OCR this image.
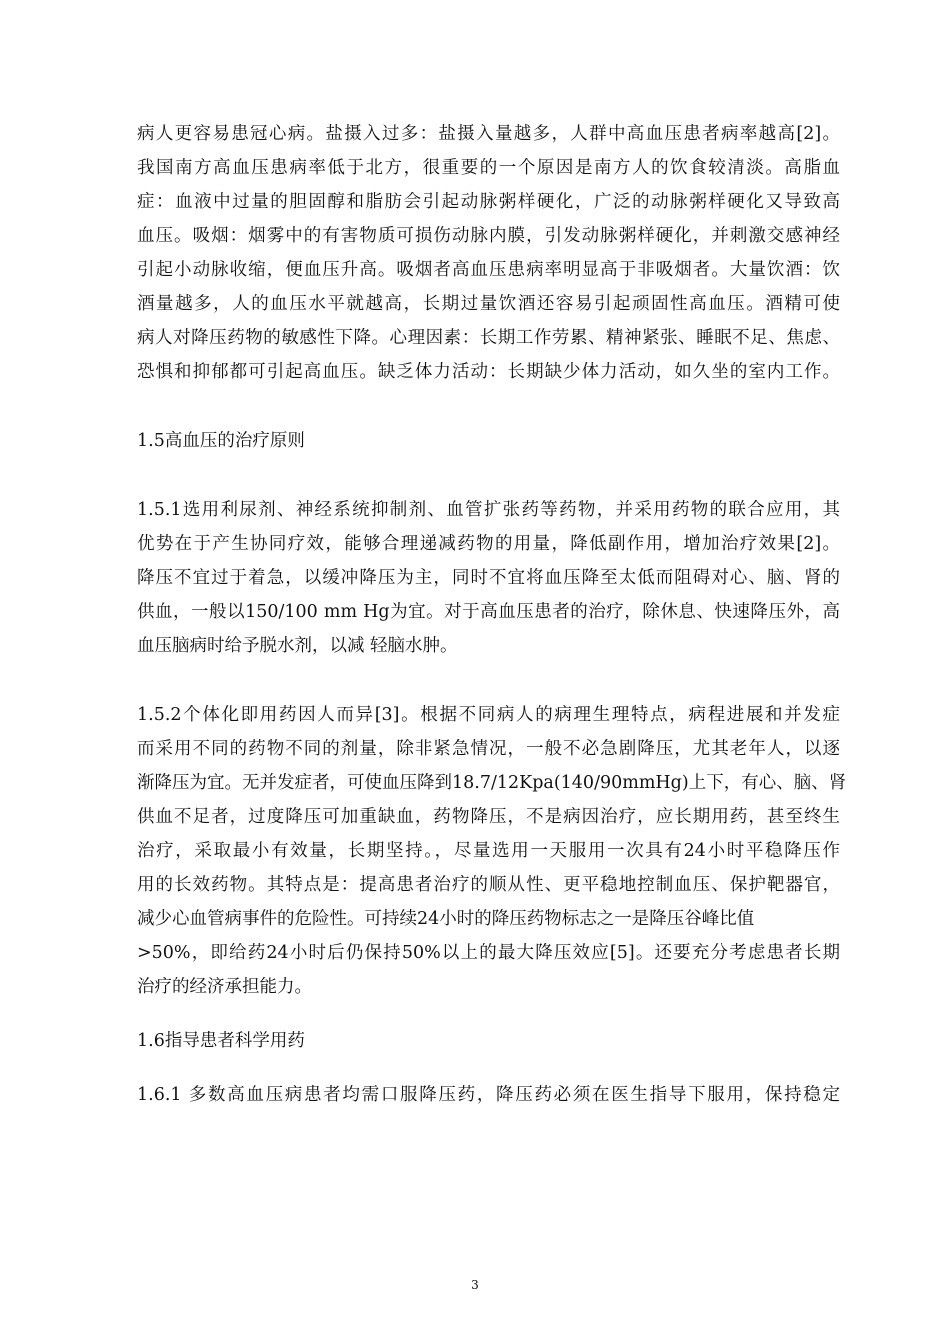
病人更容易患冠心病。盐摄入过多：盐摄入量越多，人群中高血压患者病率越高[2]。
我国南方高血压患病率低于北方，很重要的一个原因是南方人的饮食较清淡。高脂血
症：血液中过量的胆固醇和脂肪会引起动脉粥样硬化，广泛的动脉粥样硬化又导致高
血压。吸烟：烟雾中的有害物质可损伤动脉内膜，引发动脉粥样硬化，并刺激交感神经
引起小动脉收缩，便血压升高。吸烟者高血压患病率明显高于非吸烟者。大量饮酒：饮
酒量越多，人的血压水平就越高，长期过量饮酒还容易引起顽固性高血压。酒精可使
病人对降压药物的敏感性下降。心理因素：长期工作劳累、精神紧张、睡眠不足、焦虑、
恐惧和抑郁都可引起高血压。缺乏体力活动：长期缺少体力活动，如久坐的室内工作。

1.5高血压的治疗原则

1.5.1选用利尿剂、神经系统抑制剂、血管扩张药等药物，并采用药物的联合应用，其
优势在于产生协同疗效，能够合理递减药物的用量，降低副作用，增加治疗效果[2]。
降压不宜过于着急，以缓冲降压为主，同时不宜将血压降至太低而阻碍对心、脑、肾的
供血，一般以150/100 mm Hg为宜。对于高血压患者的治疗，除休息、快速降压外，高
血压脑病时给予脱水剂，以减 轻脑水肿。

1.5.2个体化即用药因人而异[3]。根据不同病人的病理生理特点，病程进展和并发症
而采用不同的药物不同的剂量，除非紧急情况，一般不必急剧降压，尤其老年人，以逐
渐降压为宜。无并发症者，可使血压降到18.7/12Kpa(140/90mmHg)上下，有心、脑、肾
供血不足者，过度降压可加重缺血，药物降压，不是病因治疗，应长期用药，甚至终生
治疗，采取最小有效量，长期坚持。，尽量选用一天服用一次具有24小时平稳降压作
用的长效药物。其特点是：提高患者治疗的顺从性、更平稳地控制血压、保护靶器官，
减少心血管病事件的危险性。可持续24小时的降压药物标志之一是降压谷峰比值
>50%，即给药24小时后仍保持50%以上的最大降压效应[5]。还要充分考虑患者长期
治疗的经济承担能力。

1.6指导患者科学用药

1.6.1 多数高血压病患者均需口服降压药，降压药必须在医生指导下服用，保持稳定

3
